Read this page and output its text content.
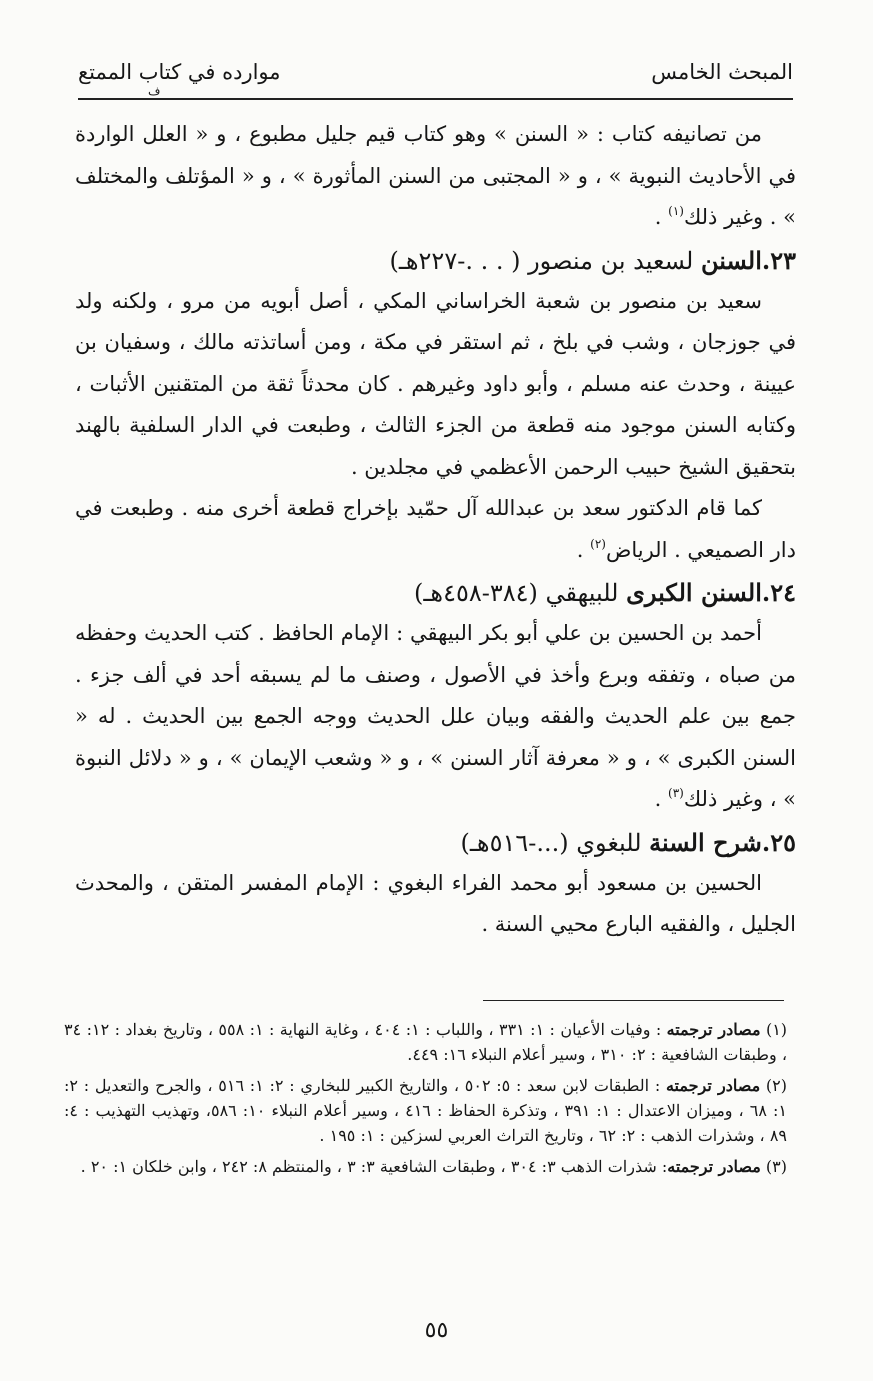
المبحث الخامس
موارده في كتاب الممتع
ف

من تصانيفه كتاب : « السنن » وهو كتاب قيم جليل مطبوع ، و « العلل الواردة في الأحاديث النبوية » ، و « المجتبى من السنن المأثورة » ، و « المؤتلف والمختلف » . وغير ذلك$^{(١)}$ .

٢٣.السنن لسعيد بن منصور ( . . .-٢٢٧هـ)

سعيد بن منصور بن شعبة الخراساني المكي ، أصل أبويه من مرو ، ولكنه ولد في جوزجان ، وشب في بلخ ، ثم استقر في مكة ، ومن أساتذته مالك ، وسفيان بن عيينة ، وحدث عنه مسلم ، وأبو داود وغيرهم . كان محدثاً ثقة من المتقنين الأثبات ، وكتابه السنن موجود منه قطعة من الجزء الثالث ، وطبعت في الدار السلفية بالهند بتحقيق الشيخ حبيب الرحمن الأعظمي في مجلدين .

كما قام الدكتور سعد بن عبدالله آل حمّيد بإخراج قطعة أخرى منه . وطبعت في دار الصميعي . الرياض$^{(٢)}$ .

٢٤.السنن الكبرى للبيهقي (٣٨٤-٤٥٨هـ)

أحمد بن الحسين بن علي أبو بكر البيهقي : الإمام الحافظ . كتب الحديث وحفظه من صباه ، وتفقه وبرع وأخذ في الأصول ، وصنف ما لم يسبقه أحد في ألف جزء . جمع بين علم الحديث والفقه وبيان علل الحديث ووجه الجمع بين الحديث . له « السنن الكبرى » ، و « معرفة آثار السنن » ، و « وشعب الإيمان » ، و « دلائل النبوة » ، وغير ذلك$^{(٣)}$ .

٢٥.شرح السنة للبغوي (...-٥١٦هـ)

الحسين بن مسعود أبو محمد الفراء البغوي : الإمام المفسر المتقن ، والمحدث الجليل ، والفقيه البارع محيي السنة .

(١) مصادر ترجمته : وفيات الأعيان : ١: ٣٣١ ، واللباب : ١: ٤٠٤ ، وغاية النهاية : ١: ٥٥٨ ، وتاريخ بغداد : ١٢: ٣٤ ، وطبقات الشافعية : ٢: ٣١٠ ، وسير أعلام النبلاء ١٦: ٤٤٩.

(٢) مصادر ترجمته : الطبقات لابن سعد : ٥: ٥٠٢ ، والتاريخ الكبير للبخاري : ٢: ١: ٥١٦ ، والجرح والتعديل : ٢: ١: ٦٨ ، وميزان الاعتدال : ١: ٣٩١ ، وتذكرة الحفاظ : ٤١٦ ، وسير أعلام النبلاء ١٠: ٥٨٦، وتهذيب التهذيب : ٤: ٨٩ ، وشذرات الذهب : ٢: ٦٢ ، وتاريخ التراث العربي لسزكين : ١: ١٩٥ .

(٣) مصادر ترجمته: شذرات الذهب ٣: ٣٠٤ ، وطبقات الشافعية ٣: ٣ ، والمنتظم ٨: ٢٤٢ ، وابن خلكان ١: ٢٠ .

٥٥
